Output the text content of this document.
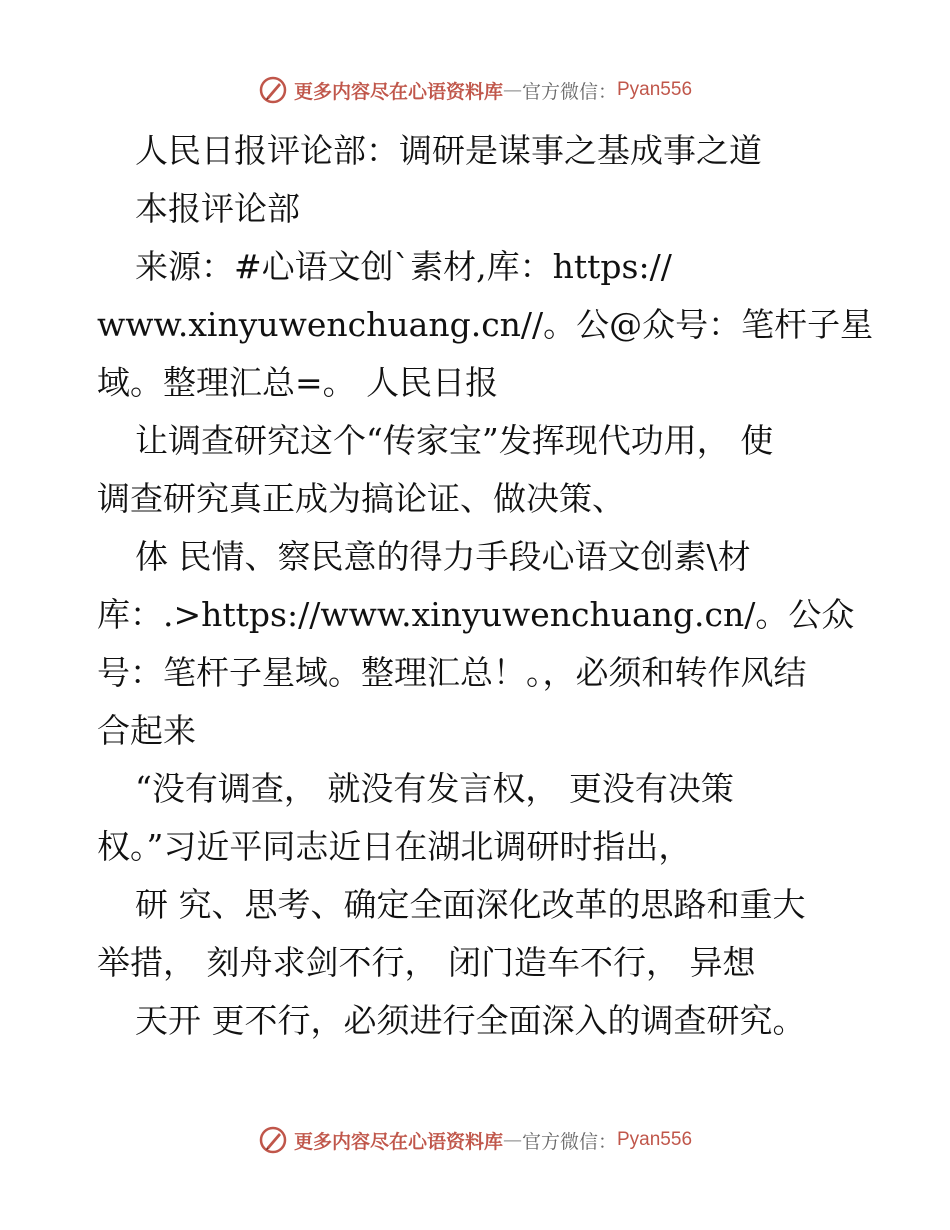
更多内容尽在心语资料库 — 官方微信： Pyan556
人民日报评论部：调研是谋事之基成事之道
本报评论部
来源：#心语文创`素材,库：https://
www.xinyuwenchuang.cn//。公@众号：笔杆子星
域。整理汇总=。 人民日报
让调查研究这个“传家宝”发挥现代功用， 使
调查研究真正成为搞论证、做决策、
体 民情、察民意的得力手段心语文创素\材
库：.>https://www.xinyuwenchuang.cn/。公众
号：笔杆子星域。整理汇总！。，必须和转作风结
合起来
“没有调查， 就没有发言权， 更没有决策
权。”习近平同志近日在湖北调研时指出，
研 究、思考、确定全面深化改革的思路和重大
举措， 刻舟求剑不行， 闭门造车不行， 异想
天开 更不行，必须进行全面深入的调查研究。
更多内容尽在心语资料库 — 官方微信： Pyan556
